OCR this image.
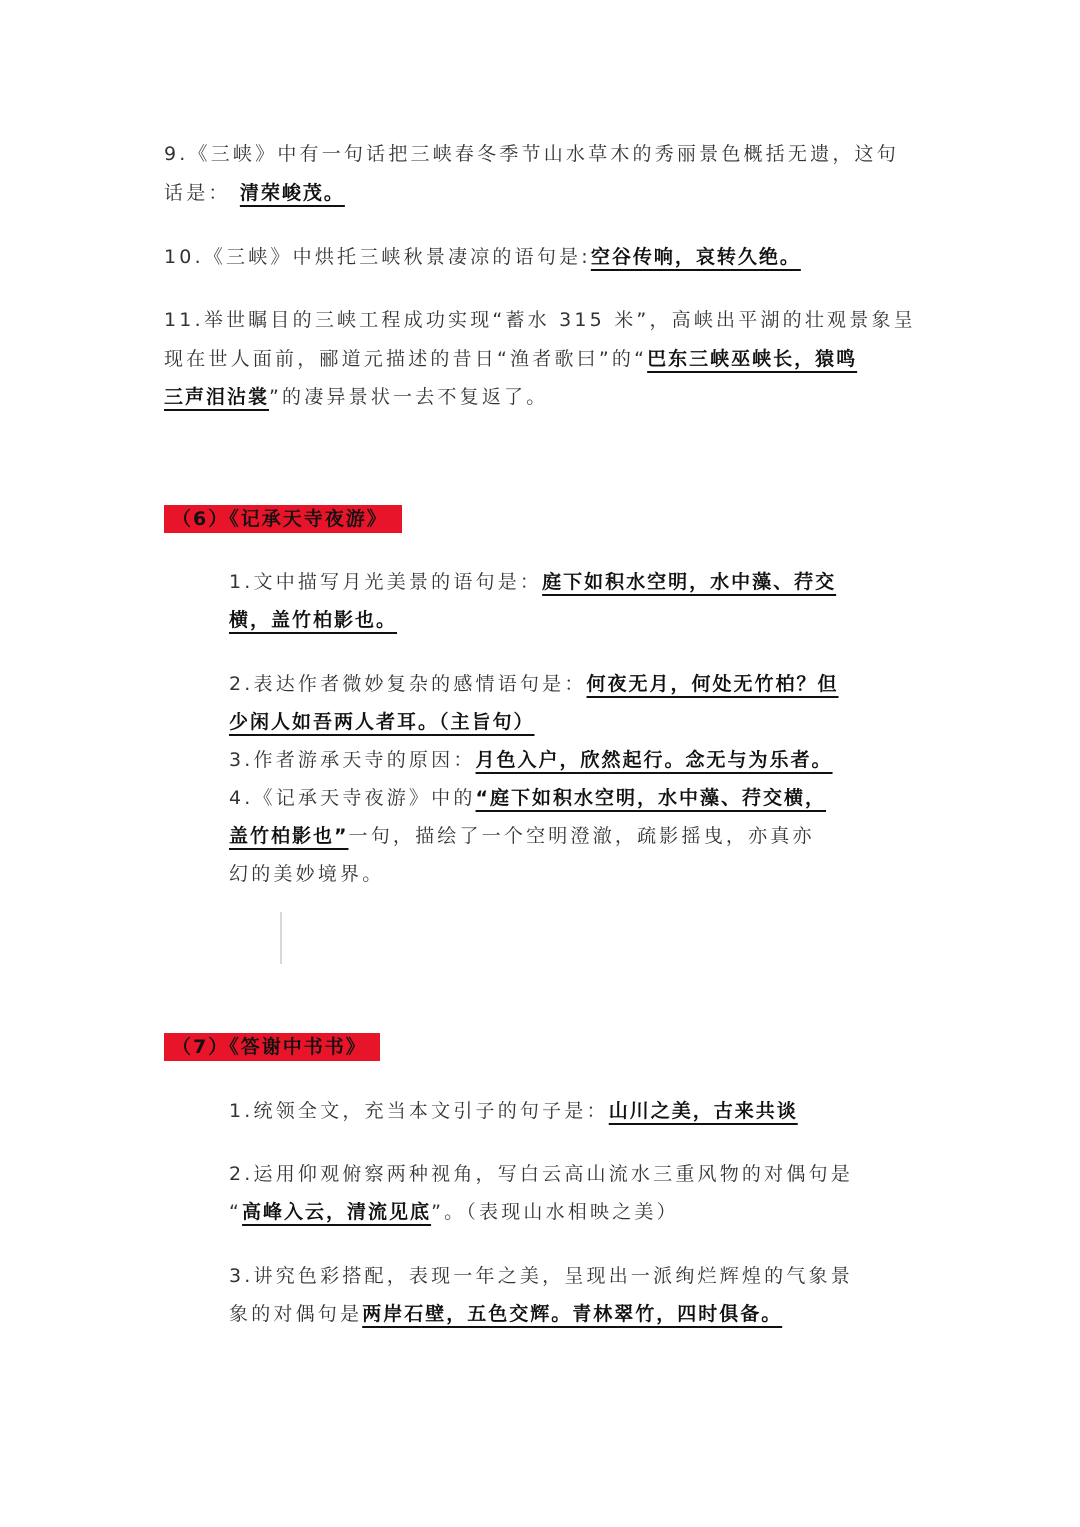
9.《三峡》中有一句话把三峡春冬季节山水草木的秀丽景色概括无遗，这句
话是： 清荣峻茂。
10.《三峡》中烘托三峡秋景凄凉的语句是:空谷传响，哀转久绝。
11.举世瞩目的三峡工程成功实现“蓄水 315 米”，高峡出平湖的壮观景象呈
现在世人面前，郦道元描述的昔日“渔者歌曰”的“巴东三峡巫峡长，猿鸣
三声泪沾裳”的凄异景状一去不复返了。
（6）《记承天寺夜游》
1.文中描写月光美景的语句是：庭下如积水空明，水中藻、荇交
横，盖竹柏影也。
2.表达作者微妙复杂的感情语句是：何夜无月，何处无竹柏？但
少闲人如吾两人者耳。（主旨句）
3.作者游承天寺的原因：月色入户，欣然起行。念无与为乐者。
4.《记承天寺夜游》中的“庭下如积水空明，水中藻、荇交横，
盖竹柏影也”一句，描绘了一个空明澄澈，疏影摇曳，亦真亦
幻的美妙境界。
（7）《答谢中书书》
1.统领全文，充当本文引子的句子是：山川之美，古来共谈
2.运用仰观俯察两种视角，写白云高山流水三重风物的对偶句是
“高峰入云，清流见底”。（表现山水相映之美）
3.讲究色彩搭配，表现一年之美，呈现出一派绚烂辉煌的气象景
象的对偶句是两岸石壁，五色交辉。青林翠竹，四时俱备。
